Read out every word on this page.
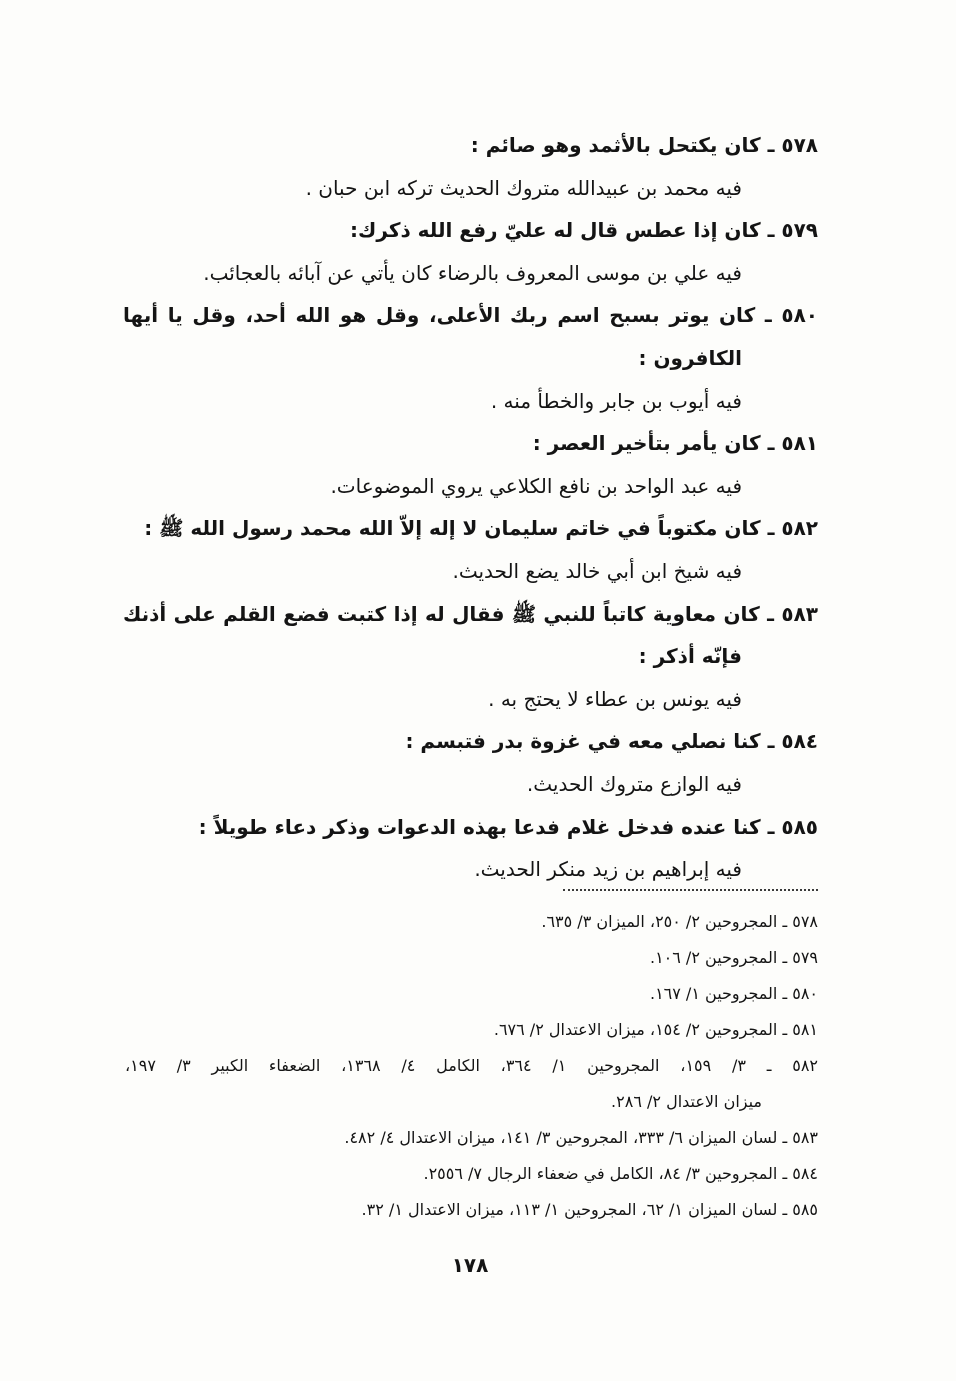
٥٧٨ ـ كان يكتحل بالأثمد وهو صائم :
فيه محمد بن عبيدالله متروك الحديث تركه ابن حبان .
٥٧٩ ـ كان إذا عطس قال له عليّ رفع الله ذكرك:
فيه علي بن موسى المعروف بالرضاء كان يأتي عن آبائه بالعجائب.
٥٨٠ ـ كان يوتر بسبح اسم ربك الأعلى، وقل هو الله أحد، وقل يا أيها
الكافرون :
فيه أيوب بن جابر والخطأ منه .
٥٨١ ـ كان يأمر بتأخير العصر :
فيه عبد الواحد بن نافع الكلاعي يروي الموضوعات.
٥٨٢ ـ كان مكتوباً في خاتم سليمان لا إله إلاّ الله محمد رسول الله ﷺ :
فيه شيخ ابن أبي خالد يضع الحديث.
٥٨٣ ـ كان معاوية كاتباً للنبي ﷺ فقال له إذا كتبت فضع القلم على أذنك
فإنّه أذكر :
فيه يونس بن عطاء لا يحتج به .
٥٨٤ ـ كنا نصلي معه في غزوة بدر فتبسم :
فيه الوازع متروك الحديث.
٥٨٥ ـ كنا عنده فدخل غلام فدعا بهذه الدعوات وذكر دعاء طويلاً :
فيه إبراهيم بن زيد منكر الحديث.
٥٧٨ ـ المجروحين ٢/ ٢٥٠، الميزان ٣/ ٦٣٥.
٥٧٩ ـ المجروحين ٢/ ١٠٦.
٥٨٠ ـ المجروحين ١/ ١٦٧.
٥٨١ ـ المجروحين ٢/ ١٥٤، ميزان الاعتدال ٢/ ٦٧٦.
٥٨٢ ـ ٣/ ١٥٩، المجروحين ١/ ٣٦٤، الكامل ٤/ ١٣٦٨، الضعفاء الكبير ٣/ ١٩٧،
ميزان الاعتدال ٢/ ٢٨٦.
٥٨٣ ـ لسان الميزان ٦/ ٣٣٣، المجروحين ٣/ ١٤١، ميزان الاعتدال ٤/ ٤٨٢.
٥٨٤ ـ المجروحين ٣/ ٨٤، الكامل في ضعفاء الرجال ٧/ ٢٥٥٦.
٥٨٥ ـ لسان الميزان ١/ ٦٢، المجروحين ١/ ١١٣، ميزان الاعتدال ١/ ٣٢.
١٧٨
